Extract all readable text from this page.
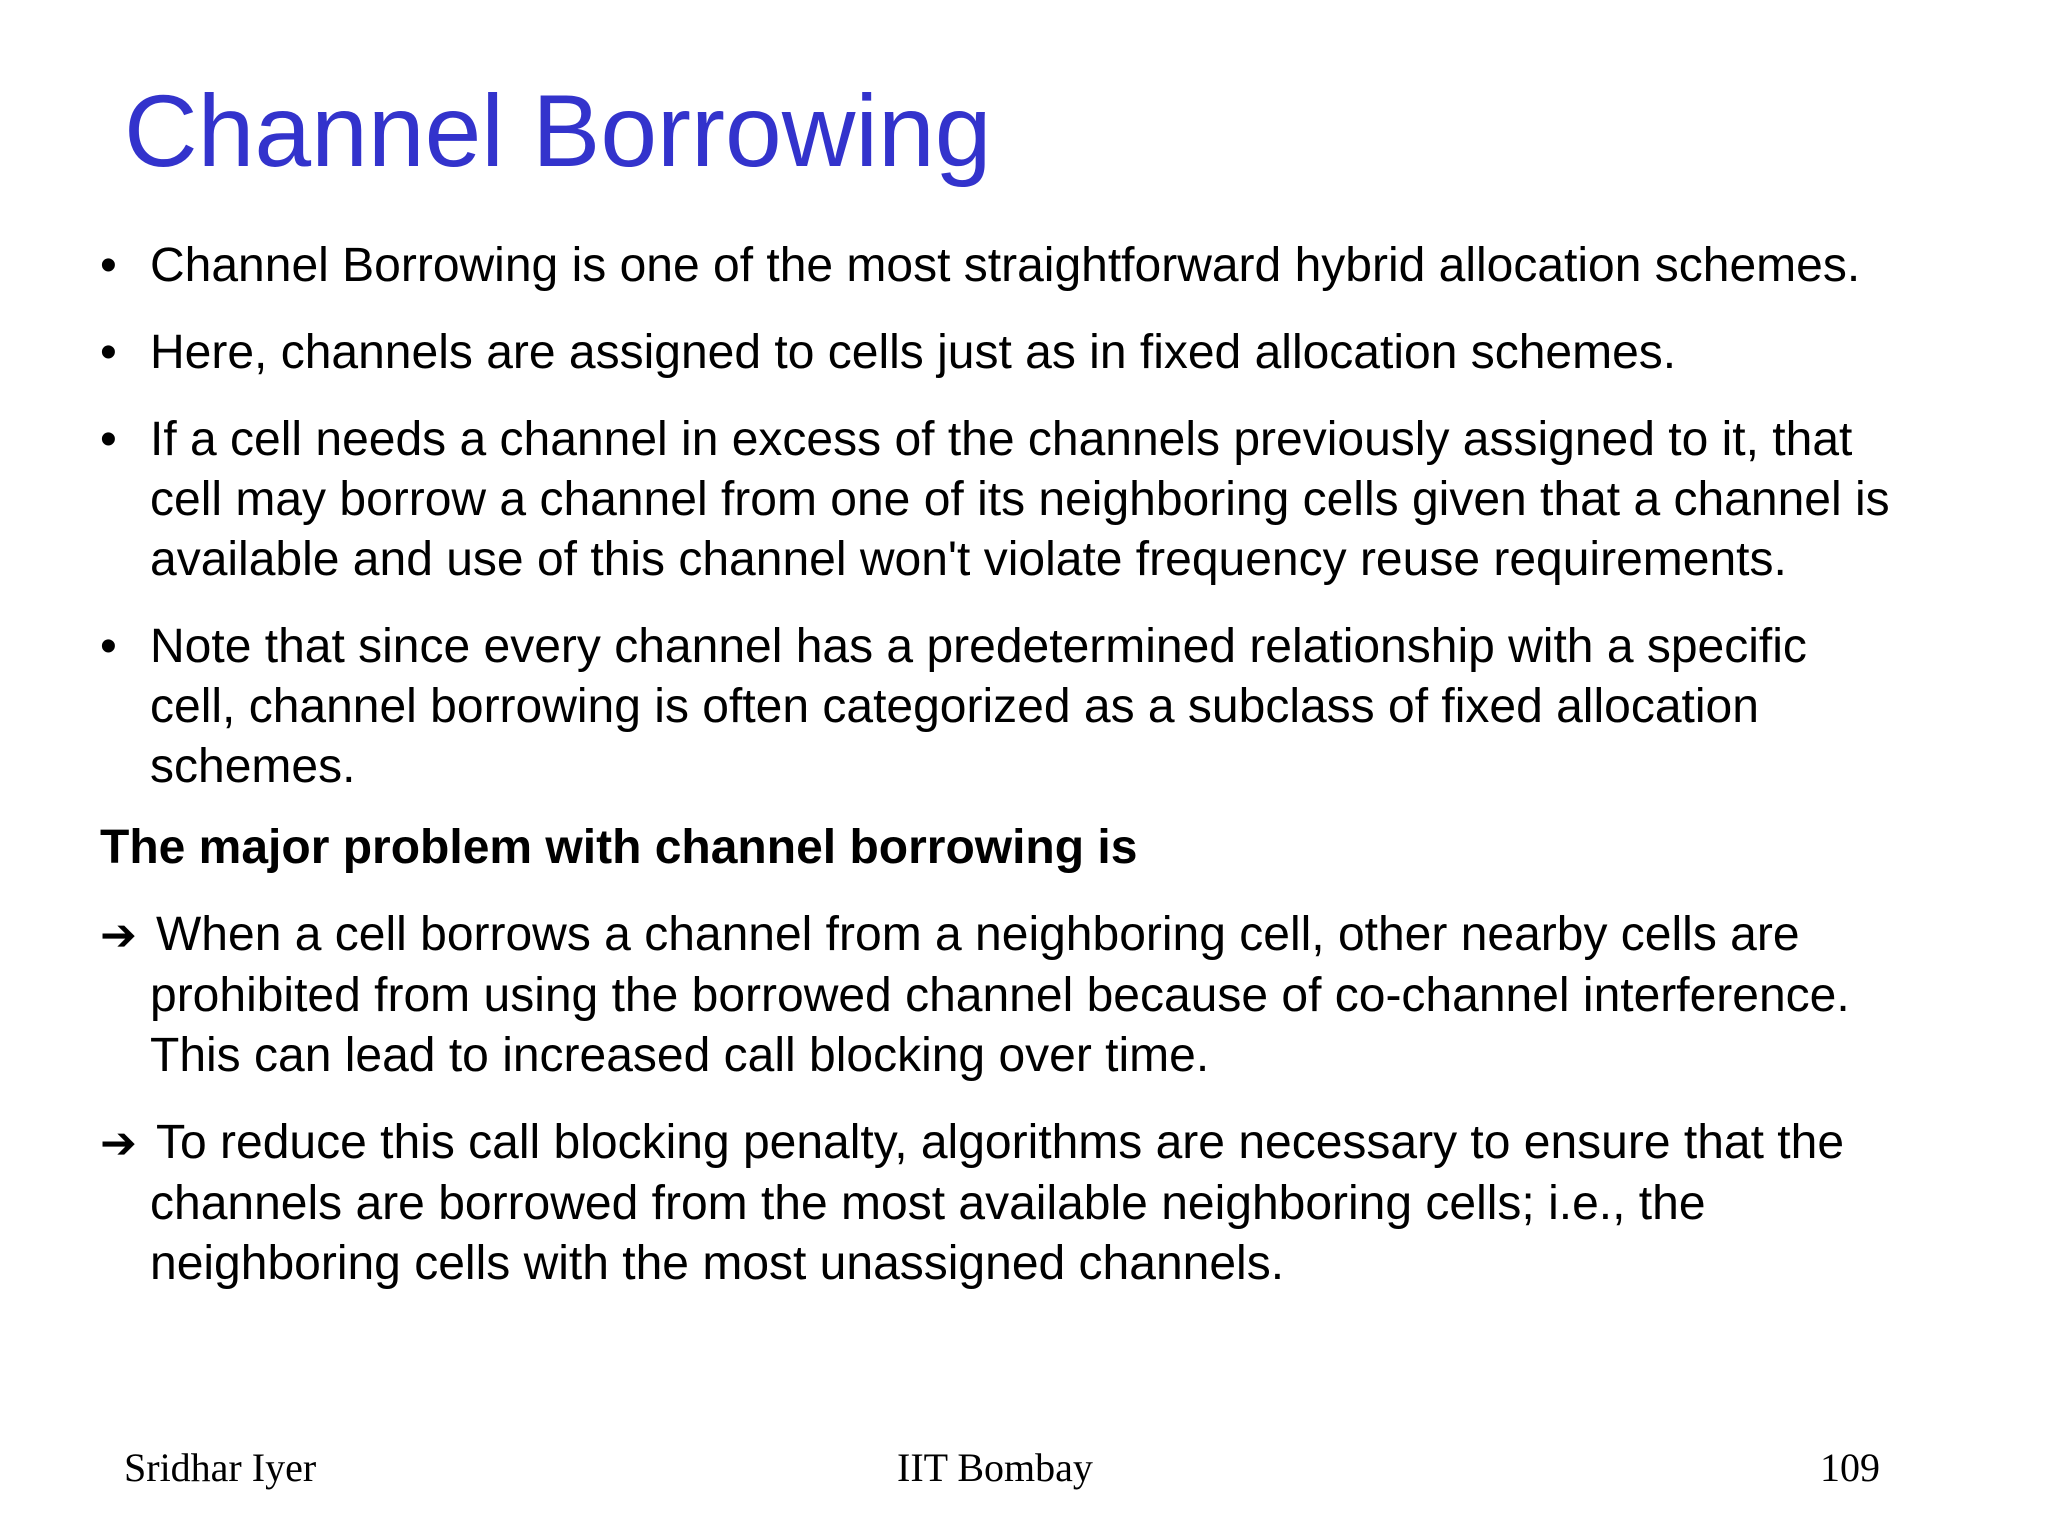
Channel Borrowing
• Channel Borrowing is one of the most straightforward hybrid allocation schemes.
• Here, channels are assigned to cells just as in fixed allocation schemes.
• If a cell needs a channel in excess of the channels previously assigned to it, that cell may borrow a channel from one of its neighboring cells given that a channel is available and use of this channel won't violate frequency reuse requirements.
• Note that since every channel has a predetermined relationship with a specific cell, channel borrowing is often categorized as a subclass of fixed allocation schemes.
The major problem with channel borrowing is
➔ When a cell borrows a channel from a neighboring cell, other nearby cells are prohibited from using the borrowed channel because of co-channel interference. This can lead to increased call blocking over time.
➔ To reduce this call blocking penalty, algorithms are necessary to ensure that the channels are borrowed from the most available neighboring cells; i.e., the neighboring cells with the most unassigned channels.
Sridhar Iyer	IIT Bombay	109
